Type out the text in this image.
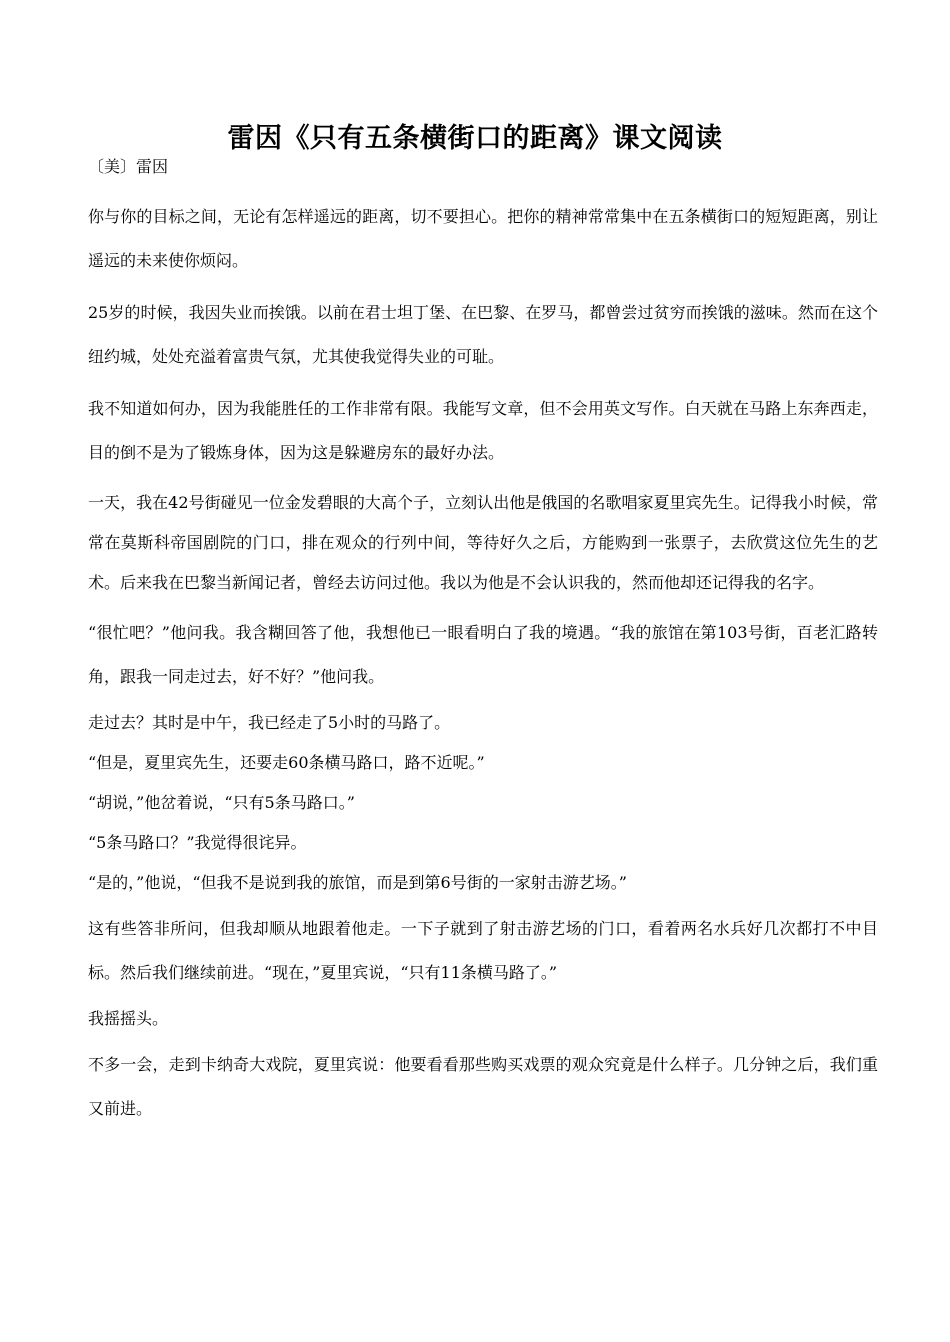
雷因《只有五条横街口的距离》课文阅读
〔美〕雷因

你与你的目标之间，无论有怎样遥远的距离，切不要担心。把你的精神常常集中在五条横街口的短短距离，别让遥远的未来使你烦闷。

25岁的时候，我因失业而挨饿。以前在君士坦丁堡、在巴黎、在罗马，都曾尝过贫穷而挨饿的滋味。然而在这个纽约城，处处充溢着富贵气氛，尤其使我觉得失业的可耻。

我不知道如何办，因为我能胜任的工作非常有限。我能写文章，但不会用英文写作。白天就在马路上东奔西走，目的倒不是为了锻炼身体，因为这是躲避房东的最好办法。

一天，我在42号街碰见一位金发碧眼的大高个子，立刻认出他是俄国的名歌唱家夏里宾先生。记得我小时候，常常在莫斯科帝国剧院的门口，排在观众的行列中间，等待好久之后，方能购到一张票子，去欣赏这位先生的艺术。后来我在巴黎当新闻记者，曾经去访问过他。我以为他是不会认识我的，然而他却还记得我的名字。

“很忙吧？”他问我。我含糊回答了他，我想他已一眼看明白了我的境遇。“我的旅馆在第103号街，百老汇路转角，跟我一同走过去，好不好？”他问我。

走过去？其时是中午，我已经走了5小时的马路了。

“但是，夏里宾先生，还要走60条横马路口，路不近呢。”

“胡说，”他岔着说，“只有5条马路口。”

“5条马路口？”我觉得很诧异。

“是的，”他说，“但我不是说到我的旅馆，而是到第6号街的一家射击游艺场。”

这有些答非所问，但我却顺从地跟着他走。一下子就到了射击游艺场的门口，看着两名水兵好几次都打不中目标。然后我们继续前进。“现在，”夏里宾说，“只有11条横马路了。”

我摇摇头。

不多一会，走到卡纳奇大戏院，夏里宾说：他要看看那些购买戏票的观众究竟是什么样子。几分钟之后，我们重又前进。
